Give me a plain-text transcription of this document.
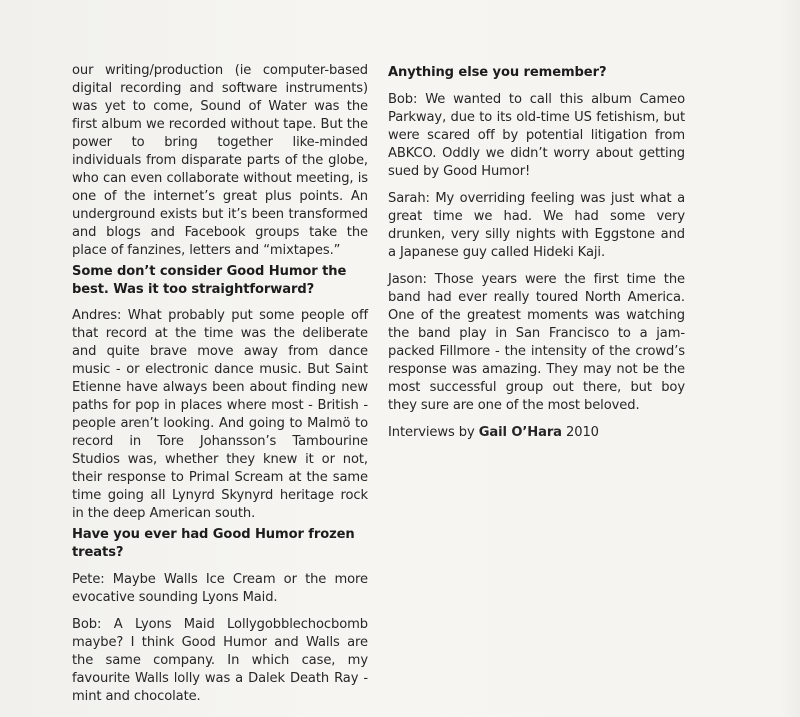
our writing/production (ie computer-based digital recording and software instruments) was yet to come, Sound of Water was the first album we recorded without tape. But the power to bring together like-minded individuals from disparate parts of the globe, who can even collaborate without meeting, is one of the internet’s great plus points. An underground exists but it’s been transformed and blogs and Facebook groups take the place of fanzines, letters and “mixtapes.”

Some don’t consider Good Humor the best. Was it too straightforward?

Andres: What probably put some people off that record at the time was the deliberate and quite brave move away from dance music - or electronic dance music. But Saint Etienne have always been about finding new paths for pop in places where most - British - people aren’t looking. And going to Malmö to record in Tore Johansson’s Tambourine Studios was, whether they knew it or not, their response to Primal Scream at the same time going all Lynyrd Skynyrd heritage rock in the deep American south.

Have you ever had Good Humor frozen treats?

Pete: Maybe Walls Ice Cream or the more evocative sounding Lyons Maid.

Bob: A Lyons Maid Lollygobblechocbomb maybe? I think Good Humor and Walls are the same company. In which case, my favourite Walls lolly was a Dalek Death Ray - mint and chocolate.

Anything else you remember?

Bob: We wanted to call this album Cameo Parkway, due to its old-time US fetishism, but were scared off by potential litigation from ABKCO. Oddly we didn’t worry about getting sued by Good Humor!

Sarah: My overriding feeling was just what a great time we had. We had some very drunken, very silly nights with Eggstone and a Japanese guy called Hideki Kaji.

Jason: Those years were the first time the band had ever really toured North America. One of the greatest moments was watching the band play in San Francisco to a jam-packed Fillmore - the intensity of the crowd’s response was amazing. They may not be the most successful group out there, but boy they sure are one of the most beloved.

Interviews by Gail O’Hara 2010
